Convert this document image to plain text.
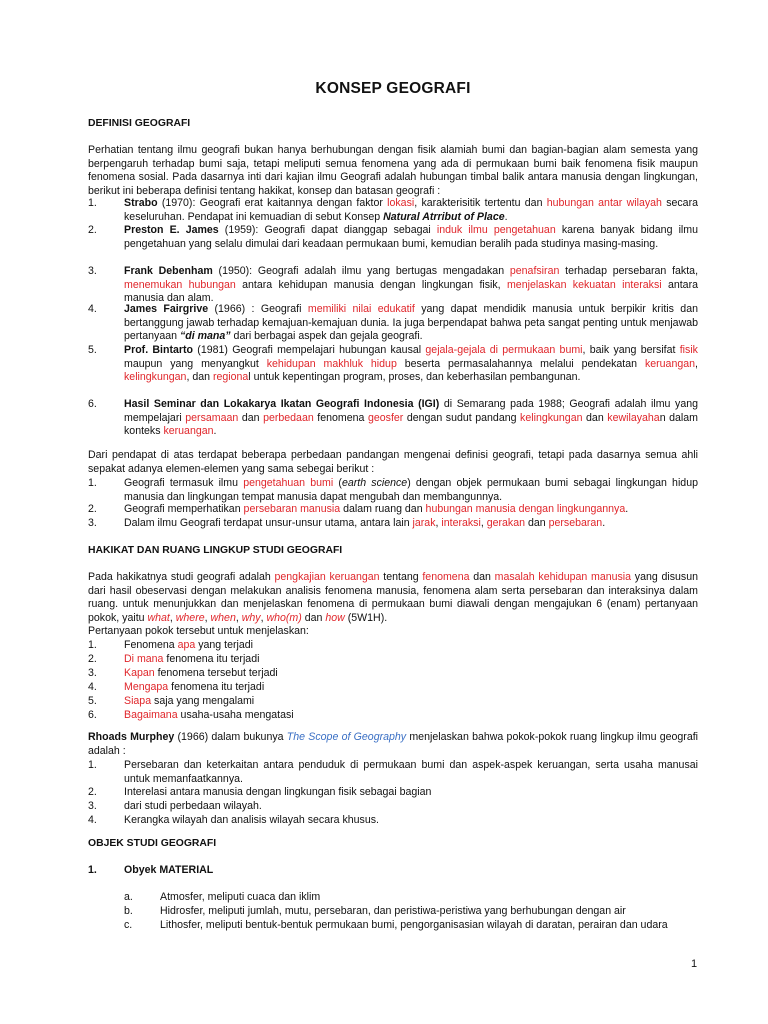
KONSEP GEOGRAFI
DEFINISI GEOGRAFI
Perhatian tentang ilmu geografi bukan hanya berhubungan dengan fisik alamiah bumi dan bagian-bagian alam semesta yang berpengaruh terhadap bumi saja, tetapi meliputi semua fenomena yang ada di permukaan bumi baik fenomena fisik maupun fenomena sosial. Pada dasarnya inti dari kajian ilmu Geografi adalah hubungan timbal balik antara manusia dengan lingkungan, berikut ini beberapa definisi tentang hakikat, konsep dan batasan geografi :
1.	Strabo (1970): Geografi erat kaitannya dengan faktor lokasi, karakterisitik tertentu dan hubungan antar wilayah secara keseluruhan. Pendapat ini kemuadian di sebut Konsep Natural Atrribut of Place.
2.	Preston E. James (1959): Geografi dapat dianggap sebagai induk ilmu pengetahuan karena banyak bidang ilmu pengetahuan yang selalu dimulai dari keadaan permukaan bumi, kemudian beralih pada studinya masing-masing.
3.	Frank Debenham (1950): Geografi adalah ilmu yang bertugas mengadakan penafsiran terhadap persebaran fakta, menemukan hubungan antara kehidupan manusia dengan lingkungan fisik, menjelaskan kekuatan interaksi antara manusia dan alam.
4.	James Fairgrive (1966) : Geografi memiliki nilai edukatif yang dapat mendidik manusia untuk berpikir kritis dan bertanggung jawab terhadap kemajuan-kemajuan dunia. Ia juga berpendapat bahwa peta sangat penting untuk menjawab pertanyaan “di mana” dari berbagai aspek dan gejala geografi.
5.	Prof. Bintarto (1981) Geografi mempelajari hubungan kausal gejala-gejala di permukaan bumi, baik yang bersifat fisik maupun yang menyangkut kehidupan makhluk hidup beserta permasalahannya melalui pendekatan keruangan, kelingkungan, dan regional untuk kepentingan program, proses, dan keberhasilan pembangunan.
6.	Hasil Seminar dan Lokakarya Ikatan Geografi Indonesia (IGI) di Semarang pada 1988; Geografi adalah ilmu yang mempelajari persamaan dan perbedaan fenomena geosfer dengan sudut pandang kelingkungan dan kewilayahan dalam konteks keruangan.
Dari pendapat di atas terdapat beberapa perbedaan pandangan mengenai definisi geografi, tetapi pada dasarnya semua ahli sepakat adanya elemen-elemen yang sama sebegai berikut :
1.	Geografi termasuk ilmu pengetahuan bumi (earth science) dengan objek permukaan bumi sebagai lingkungan hidup manusia dan lingkungan tempat manusia dapat mengubah dan membangunnya.
2.	Geografi memperhatikan persebaran manusia dalam ruang dan hubungan manusia dengan lingkungannya.
3.	Dalam ilmu Geografi terdapat unsur-unsur utama, antara lain jarak, interaksi, gerakan dan persebaran.
HAKIKAT DAN RUANG LINGKUP STUDI GEOGRAFI
Pada hakikatnya studi geografi adalah pengkajian keruangan tentang fenomena dan masalah kehidupan manusia yang disusun dari hasil obeservasi dengan melakukan analisis fenomena manusia, fenomena alam serta persebaran dan interaksinya dalam ruang. untuk menunjukkan dan menjelaskan fenomena di permukaan bumi diawali dengan mengajukan 6 (enam) pertanyaan pokok, yaitu what, where, when, why, who(m) dan how (5W1H).
Pertanyaan pokok tersebut untuk menjelaskan:
1.	Fenomena apa yang terjadi
2.	Di mana fenomena itu terjadi
3.	Kapan fenomena tersebut terjadi
4.	Mengapa fenomena itu terjadi
5.	Siapa saja yang mengalami
6.	Bagaimana usaha-usaha mengatasi
Rhoads Murphey (1966) dalam bukunya The Scope of Geography menjelaskan bahwa pokok-pokok ruang lingkup ilmu geografi adalah :
1.	Persebaran dan keterkaitan antara penduduk di permukaan bumi dan aspek-aspek keruangan, serta usaha manusai untuk memanfaatkannya.
2.	Interelasi antara manusia dengan lingkungan fisik sebagai bagian
3.	dari studi perbedaan wilayah.
4.	Kerangka wilayah dan analisis wilayah secara khusus.
OBJEK STUDI GEOGRAFI
1.	Obyek MATERIAL
a.	Atmosfer, meliputi cuaca dan iklim
b.	Hidrosfer, meliputi jumlah, mutu, persebaran, dan peristiwa-peristiwa yang berhubungan dengan air
c.	Lithosfer, meliputi bentuk-bentuk permukaan bumi, pengorganisasian wilayah di daratan, perairan dan udara
1
